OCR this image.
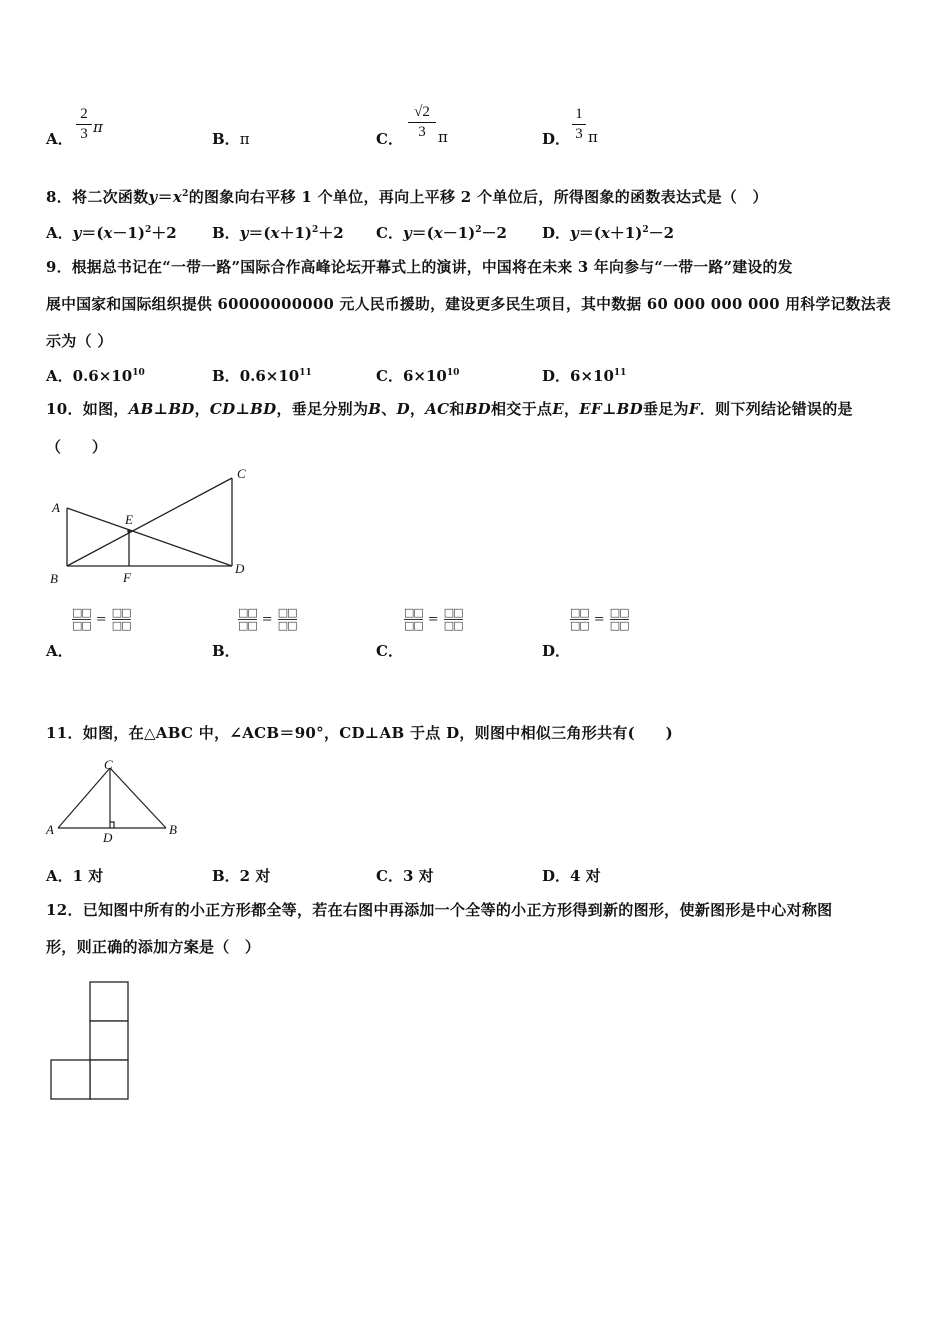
A．
2
3 π
B．π	C．
√2
3 π	D．
1
3 π
8．将二次函数$y=x^2$的图象向右平移 1 个单位，再向上平移 2 个单位后，所得图象的函数表达式是（　）
A．$y=(x-1)^2+2$ B．$y=(x+1)^2+2$ C．$y=(x-1)^2-2$ D．$y=(x+1)^2-2$
9．根据总书记在“一带一路”国际合作高峰论坛开幕式上的演讲，中国将在未来 3 年向参与“一带一路”建设的发
展中国家和国际组织提供 60000000000 元人民币援助，建设更多民生项目，其中数据 60 000 000 000 用科学记数法表
示为（ ）
A．$0.6\times 10^{10}$	B．$0.6\times 10^{11}$	C．$6\times 10^{10}$	D．$6\times 10^{11}$
10．如图，AB⊥BD，CD⊥BD，垂足分别为B、D，AC和BD相交于点E，EF⊥BD垂足为F．则下列结论错误的是
（　　）
A
B
C
D
E
F
□□
□□ = □□
□□
□□
□□ = □□
□□
□□
□□ = □□
□□
□□
□□ = □□
□□
A．	B．	C．	D．
11．如图，在△ABC 中，∠ACB＝90°，CD⊥AB 于点 D，则图中相似三角形共有(　　)
A	B
C
D
A．1 对	B．2 对	C．3 对	D．4 对
12．已知图中所有的小正方形都全等，若在右图中再添加一个全等的小正方形得到新的图形，使新图形是中心对称图
形，则正确的添加方案是（　）
